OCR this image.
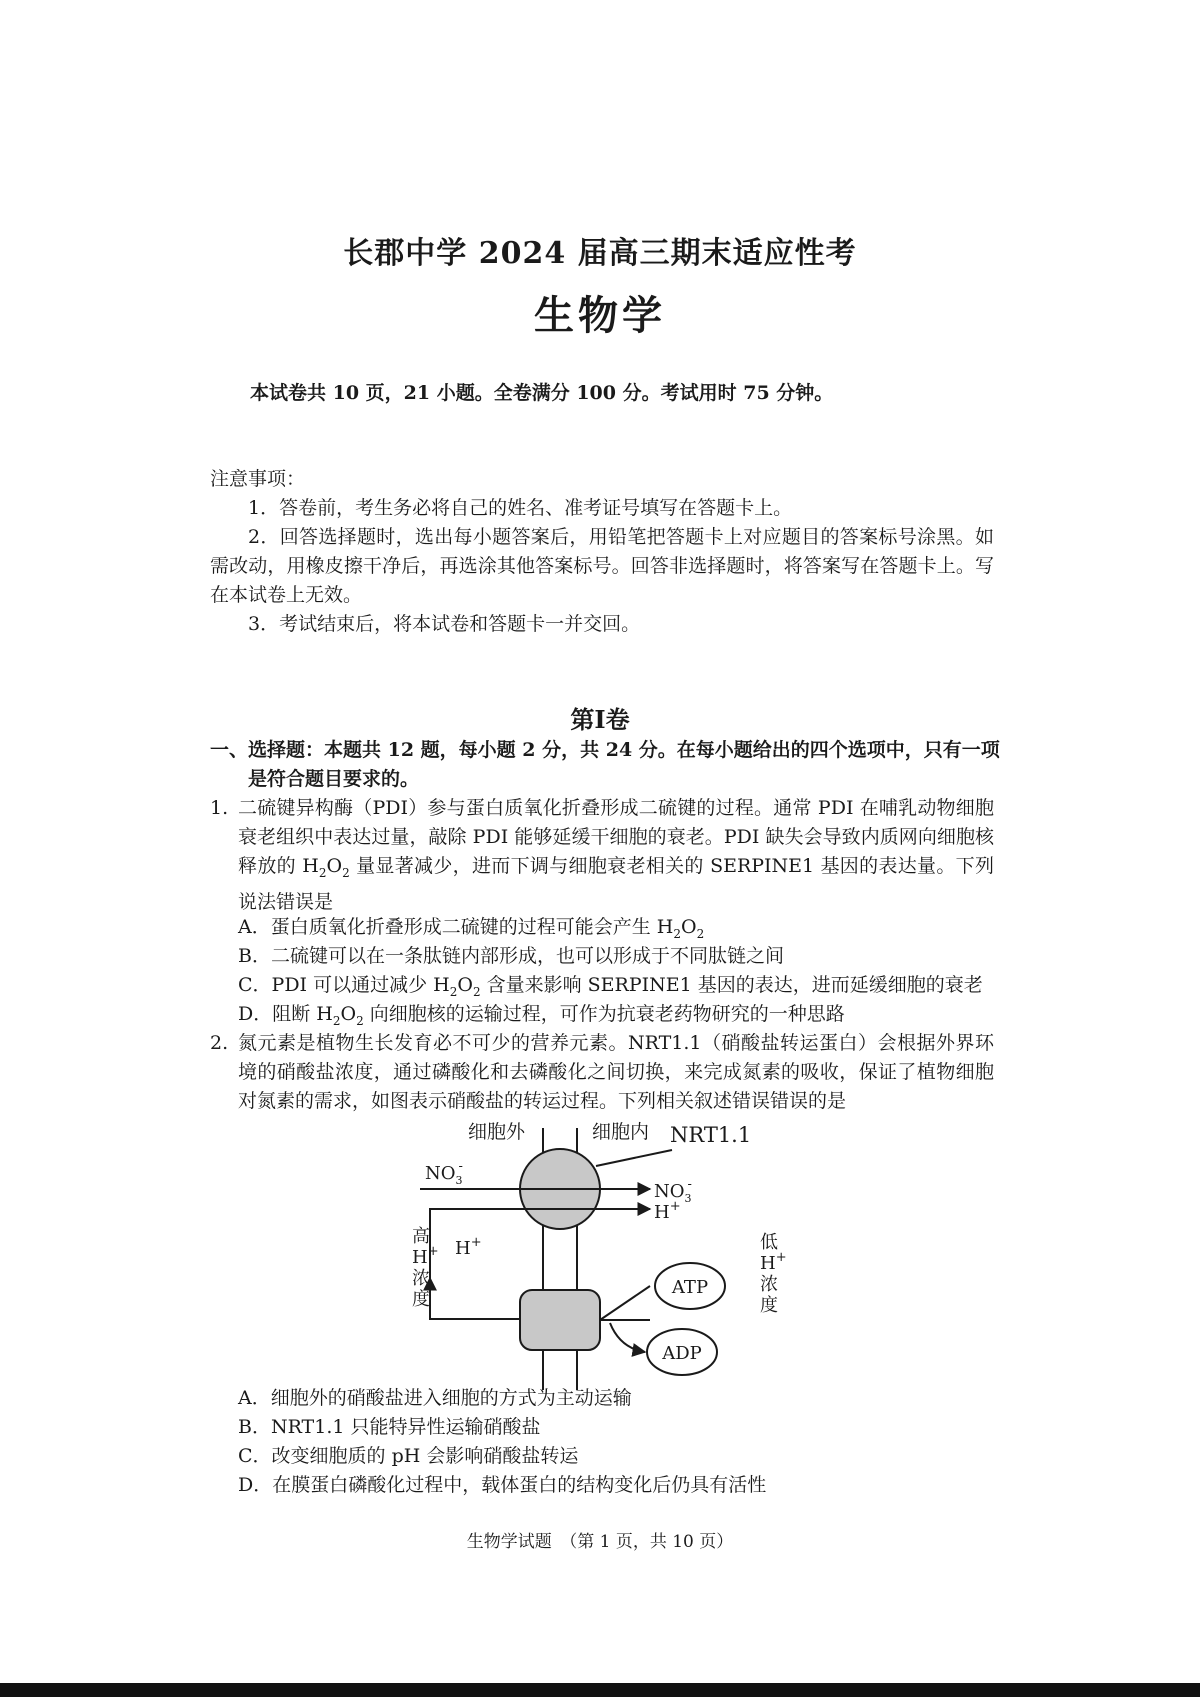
长郡中学 2024 届高三期末适应性考
生物学
本试卷共 10 页，21 小题。全卷满分 100 分。考试用时 75 分钟。
注意事项：
1．答卷前，考生务必将自己的姓名、准考证号填写在答题卡上。
2．回答选择题时，选出每小题答案后，用铅笔把答题卡上对应题目的答案标号涂黑。如需改动，用橡皮擦干净后，再选涂其他答案标号。回答非选择题时，将答案写在答题卡上。写在本试卷上无效。
3．考试结束后，将本试卷和答题卡一并交回。
第Ⅰ卷
一、选择题：本题共 12 题，每小题 2 分，共 24 分。在每小题给出的四个选项中，只有一项
是符合题目要求的。
1. 二硫键异构酶（PDI）参与蛋白质氧化折叠形成二硫键的过程。通常 PDI 在哺乳动物细胞衰老组织中表达过量，敲除 PDI 能够延缓干细胞的衰老。PDI 缺失会导致内质网向细胞核释放的 $H_2O_2$ 量显著减少，进而下调与细胞衰老相关的 SERPINE1 基因的表达量。下列说法错误是
A．蛋白质氧化折叠形成二硫键的过程可能会产生 $H_2O_2$
B．二硫键可以在一条肽链内部形成，也可以形成于不同肽链之间
C．PDI 可以通过减少 $H_2O_2$ 含量来影响 SERPINE1 基因的表达，进而延缓细胞的衰老
D．阻断 $H_2O_2$ 向细胞核的运输过程，可作为抗衰老药物研究的一种思路
2. 氮元素是植物生长发育必不可少的营养元素。NRT1.1（硝酸盐转运蛋白）会根据外界环境的硝酸盐浓度，通过磷酸化和去磷酸化之间切换，来完成氮素的吸收，保证了植物细胞对氮素的需求，如图表示硝酸盐的转运过程。下列相关叙述错误错误的是
细胞外	细胞内 NRT1.1
$NO_3-$
$NO_3-$
H+
H+
高
H+
浓
度
ATP
ADP
低
H+
浓
度
A．细胞外的硝酸盐进入细胞的方式为主动运输
B．NRT1.1 只能特异性运输硝酸盐
C．改变细胞质的 pH 会影响硝酸盐转运
D．在膜蛋白磷酸化过程中，载体蛋白的结构变化后仍具有活性
生物学试题　（第 1 页，共 10 页）
